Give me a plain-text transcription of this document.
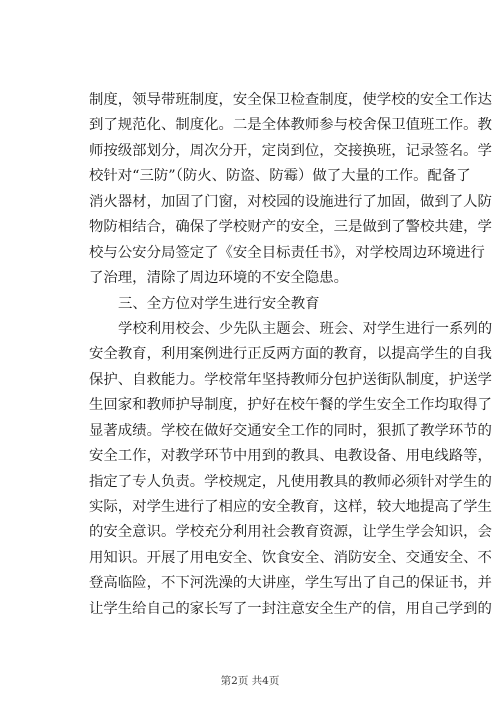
制度，领导带班制度，安全保卫检查制度，使学校的安全工作达
到了规范化、制度化。二是全体教师参与校舍保卫值班工作。教
师按级部划分，周次分开，定岗到位，交接换班，记录签名。学
校针对“三防”（防火、防盗、防霉）做了大量的工作。配备了
消火器材，加固了门窗，对校园的设施进行了加固，做到了人防
物防相结合，确保了学校财产的安全，三是做到了警校共建，学
校与公安分局签定了《安全目标责任书》，对学校周边环境进行
了治理，清除了周边环境的不安全隐患。
三、全方位对学生进行安全教育
学校利用校会、少先队主题会、班会、对学生进行一系列的
安全教育，利用案例进行正反两方面的教育，以提高学生的自我
保护、自救能力。学校常年坚持教师分包护送街队制度，护送学
生回家和教师护导制度，护好在校午餐的学生安全工作均取得了
显著成绩。学校在做好交通安全工作的同时，狠抓了教学环节的
安全工作，对教学环节中用到的教具、电教设备、用电线路等，
指定了专人负责。学校规定，凡使用教具的教师必须针对学生的
实际，对学生进行了相应的安全教育，这样，较大地提高了学生
的安全意识。学校充分利用社会教育资源，让学生学会知识，会
用知识。开展了用电安全、饮食安全、消防安全、交通安全、不
登高临险，不下河洗澡的大讲座，学生写出了自己的保证书，并
让学生给自己的家长写了一封注意安全生产的信，用自己学到的
第2页 共4页
